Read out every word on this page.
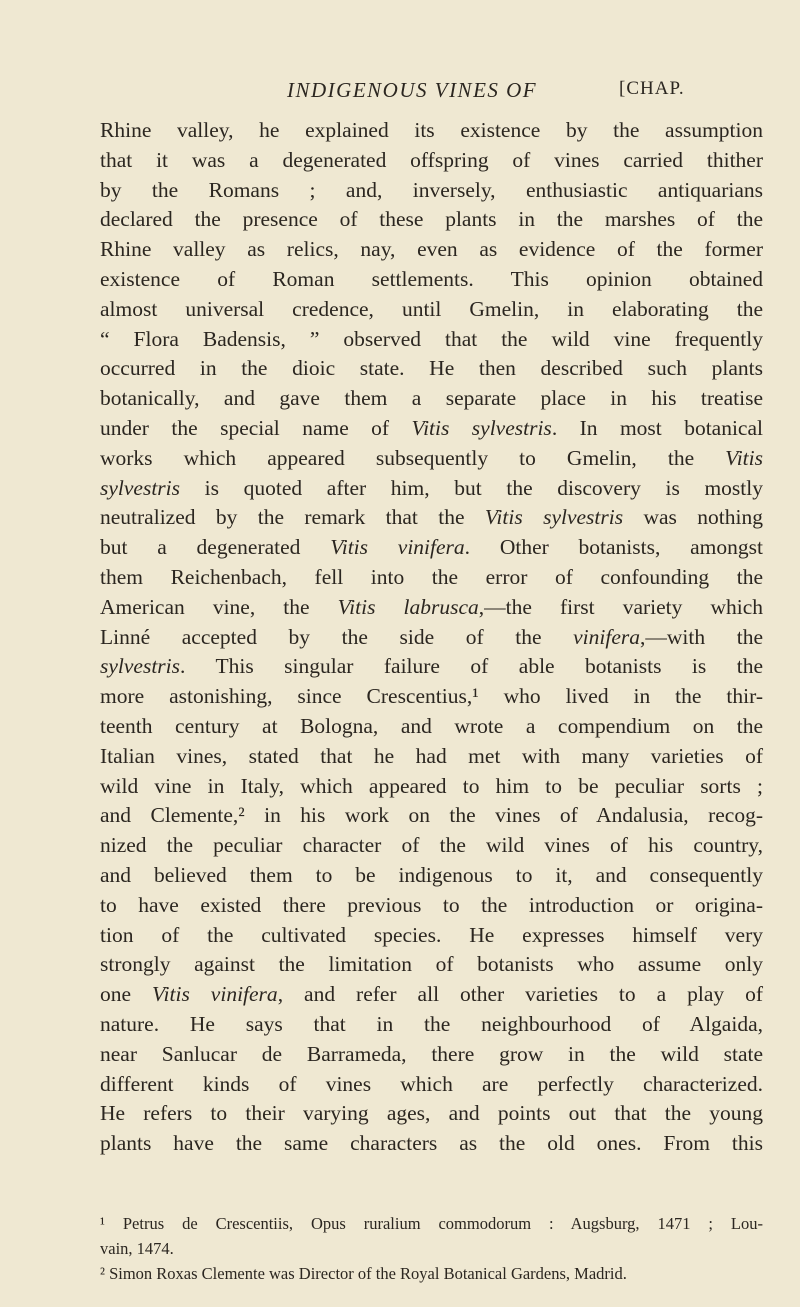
INDIGENOUS VINES OF	[CHAP.
Rhine valley, he explained its existence by the assumption
that it was a degenerated offspring of vines carried thither
by the Romans ; and, inversely, enthusiastic antiquarians
declared the presence of these plants in the marshes of the
Rhine valley as relics, nay, even as evidence of the former
existence of Roman settlements. This opinion obtained
almost universal credence, until Gmelin, in elaborating the
“ Flora Badensis, ” observed that the wild vine frequently
occurred in the dioic state. He then described such plants
botanically, and gave them a separate place in his treatise
under the special name of Vitis sylvestris. In most botanical
works which appeared subsequently to Gmelin, the Vitis
sylvestris is quoted after him, but the discovery is mostly
neutralized by the remark that the Vitis sylvestris was nothing
but a degenerated Vitis vinifera. Other botanists, amongst
them Reichenbach, fell into the error of confounding the
American vine, the Vitis labrusca,—the first variety which
Linné accepted by the side of the vinifera,—with the
sylvestris. This singular failure of able botanists is the
more astonishing, since Crescentius,¹ who lived in the thir-
teenth century at Bologna, and wrote a compendium on the
Italian vines, stated that he had met with many varieties of
wild vine in Italy, which appeared to him to be peculiar sorts ;
and Clemente,² in his work on the vines of Andalusia, recog-
nized the peculiar character of the wild vines of his country,
and believed them to be indigenous to it, and consequently
to have existed there previous to the introduction or origina-
tion of the cultivated species. He expresses himself very
strongly against the limitation of botanists who assume only
one Vitis vinifera, and refer all other varieties to a play of
nature. He says that in the neighbourhood of Algaida,
near Sanlucar de Barrameda, there grow in the wild state
different kinds of vines which are perfectly characterized.
He refers to their varying ages, and points out that the young
plants have the same characters as the old ones. From this
¹ Petrus de Crescentiis, Opus ruralium commodorum : Augsburg, 1471 ; Lou-
vain, 1474.
² Simon Roxas Clemente was Director of the Royal Botanical Gardens, Madrid.
